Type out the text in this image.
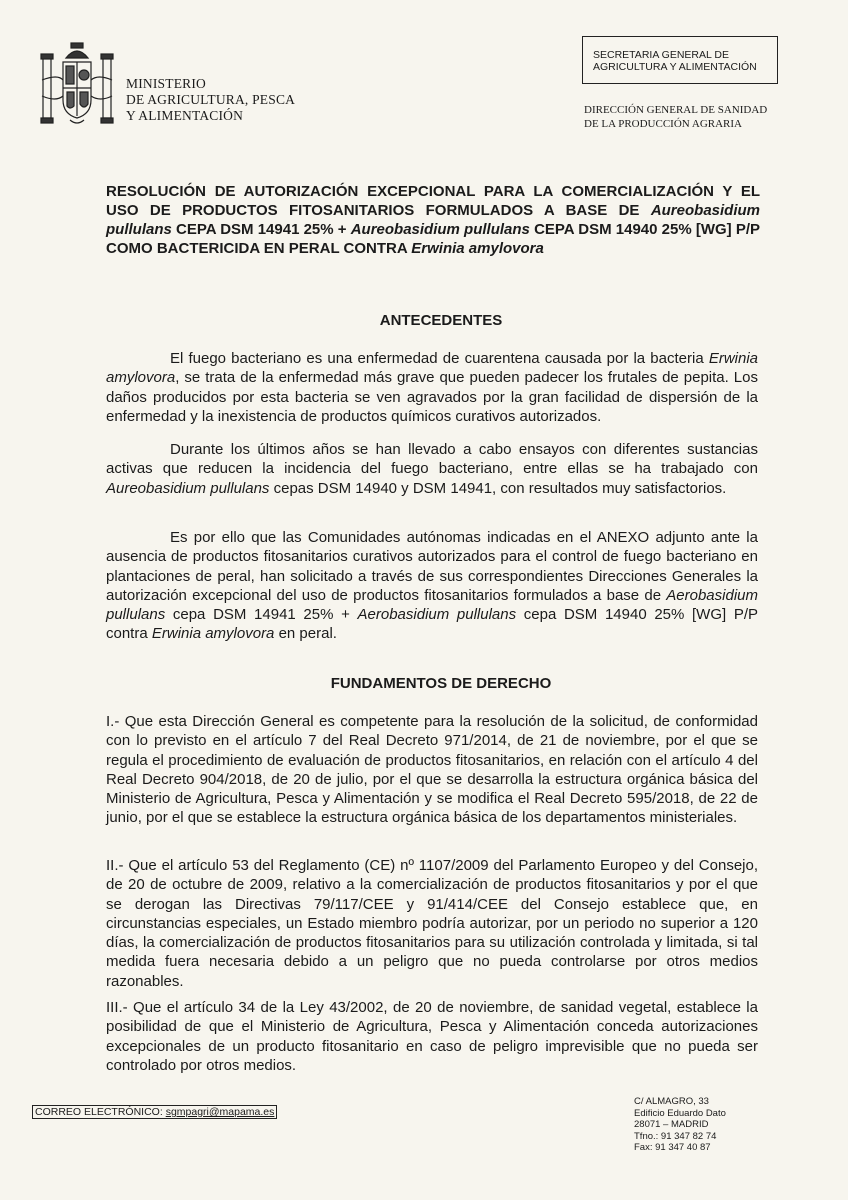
MINISTERIO
DE AGRICULTURA, PESCA
Y ALIMENTACIÓN
SECRETARIA GENERAL DE
AGRICULTURA Y ALIMENTACIÓN
DIRECCIÓN GENERAL DE SANIDAD
DE LA PRODUCCIÓN AGRARIA
RESOLUCIÓN DE AUTORIZACIÓN EXCEPCIONAL PARA LA COMERCIALIZACIÓN Y EL USO DE PRODUCTOS FITOSANITARIOS FORMULADOS A BASE DE Aureobasidium pullulans CEPA DSM 14941 25% + Aureobasidium pullulans CEPA DSM 14940 25% [WG] P/P COMO BACTERICIDA EN PERAL CONTRA Erwinia amylovora
ANTECEDENTES

El fuego bacteriano es una enfermedad de cuarentena causada por la bacteria Erwinia amylovora, se trata de la enfermedad más grave que pueden padecer los frutales de pepita. Los daños producidos por esta bacteria se ven agravados por la gran facilidad de dispersión de la enfermedad y la inexistencia de productos químicos curativos autorizados.

Durante los últimos años se han llevado a cabo ensayos con diferentes sustancias activas que reducen la incidencia del fuego bacteriano, entre ellas se ha trabajado con Aureobasidium pullulans cepas DSM 14940 y DSM 14941, con resultados muy satisfactorios.

Es por ello que las Comunidades autónomas indicadas en el ANEXO adjunto ante la ausencia de productos fitosanitarios curativos autorizados para el control de fuego bacteriano en plantaciones de peral, han solicitado a través de sus correspondientes Direcciones Generales la autorización excepcional del uso de productos fitosanitarios formulados a base de Aerobasidium pullulans cepa DSM 14941 25% + Aerobasidium pullulans cepa DSM 14940 25% [WG] P/P contra Erwinia amylovora en peral.

FUNDAMENTOS DE DERECHO

I.- Que esta Dirección General es competente para la resolución de la solicitud, de conformidad con lo previsto en el artículo 7 del Real Decreto 971/2014, de 21 de noviembre, por el que se regula el procedimiento de evaluación de productos fitosanitarios, en relación con el artículo 4 del Real Decreto 904/2018, de 20 de julio, por el que se desarrolla la estructura orgánica básica del Ministerio de Agricultura, Pesca y Alimentación y se modifica el Real Decreto 595/2018, de 22 de junio, por el que se establece la estructura orgánica básica de los departamentos ministeriales.

II.- Que el artículo 53 del Reglamento (CE) nº 1107/2009 del Parlamento Europeo y del Consejo, de 20 de octubre de 2009, relativo a la comercialización de productos fitosanitarios y por el que se derogan las Directivas 79/117/CEE y 91/414/CEE del Consejo establece que, en circunstancias especiales, un Estado miembro podría autorizar, por un periodo no superior a 120 días, la comercialización de productos fitosanitarios para su utilización controlada y limitada, si tal medida fuera necesaria debido a un peligro que no pueda controlarse por otros medios razonables.

III.- Que el artículo 34 de la Ley 43/2002, de 20 de noviembre, de sanidad vegetal, establece la posibilidad de que el Ministerio de Agricultura, Pesca y Alimentación conceda autorizaciones excepcionales de un producto fitosanitario en caso de peligro imprevisible que no pueda ser controlado por otros medios.

CORREO ELECTRÓNICO: sgmpagri@mapama.es
C/ ALMAGRO, 33
Edificio Eduardo Dato
28071 – MADRID
Tfno.: 91 347 82 74
Fax: 91 347 40 87
